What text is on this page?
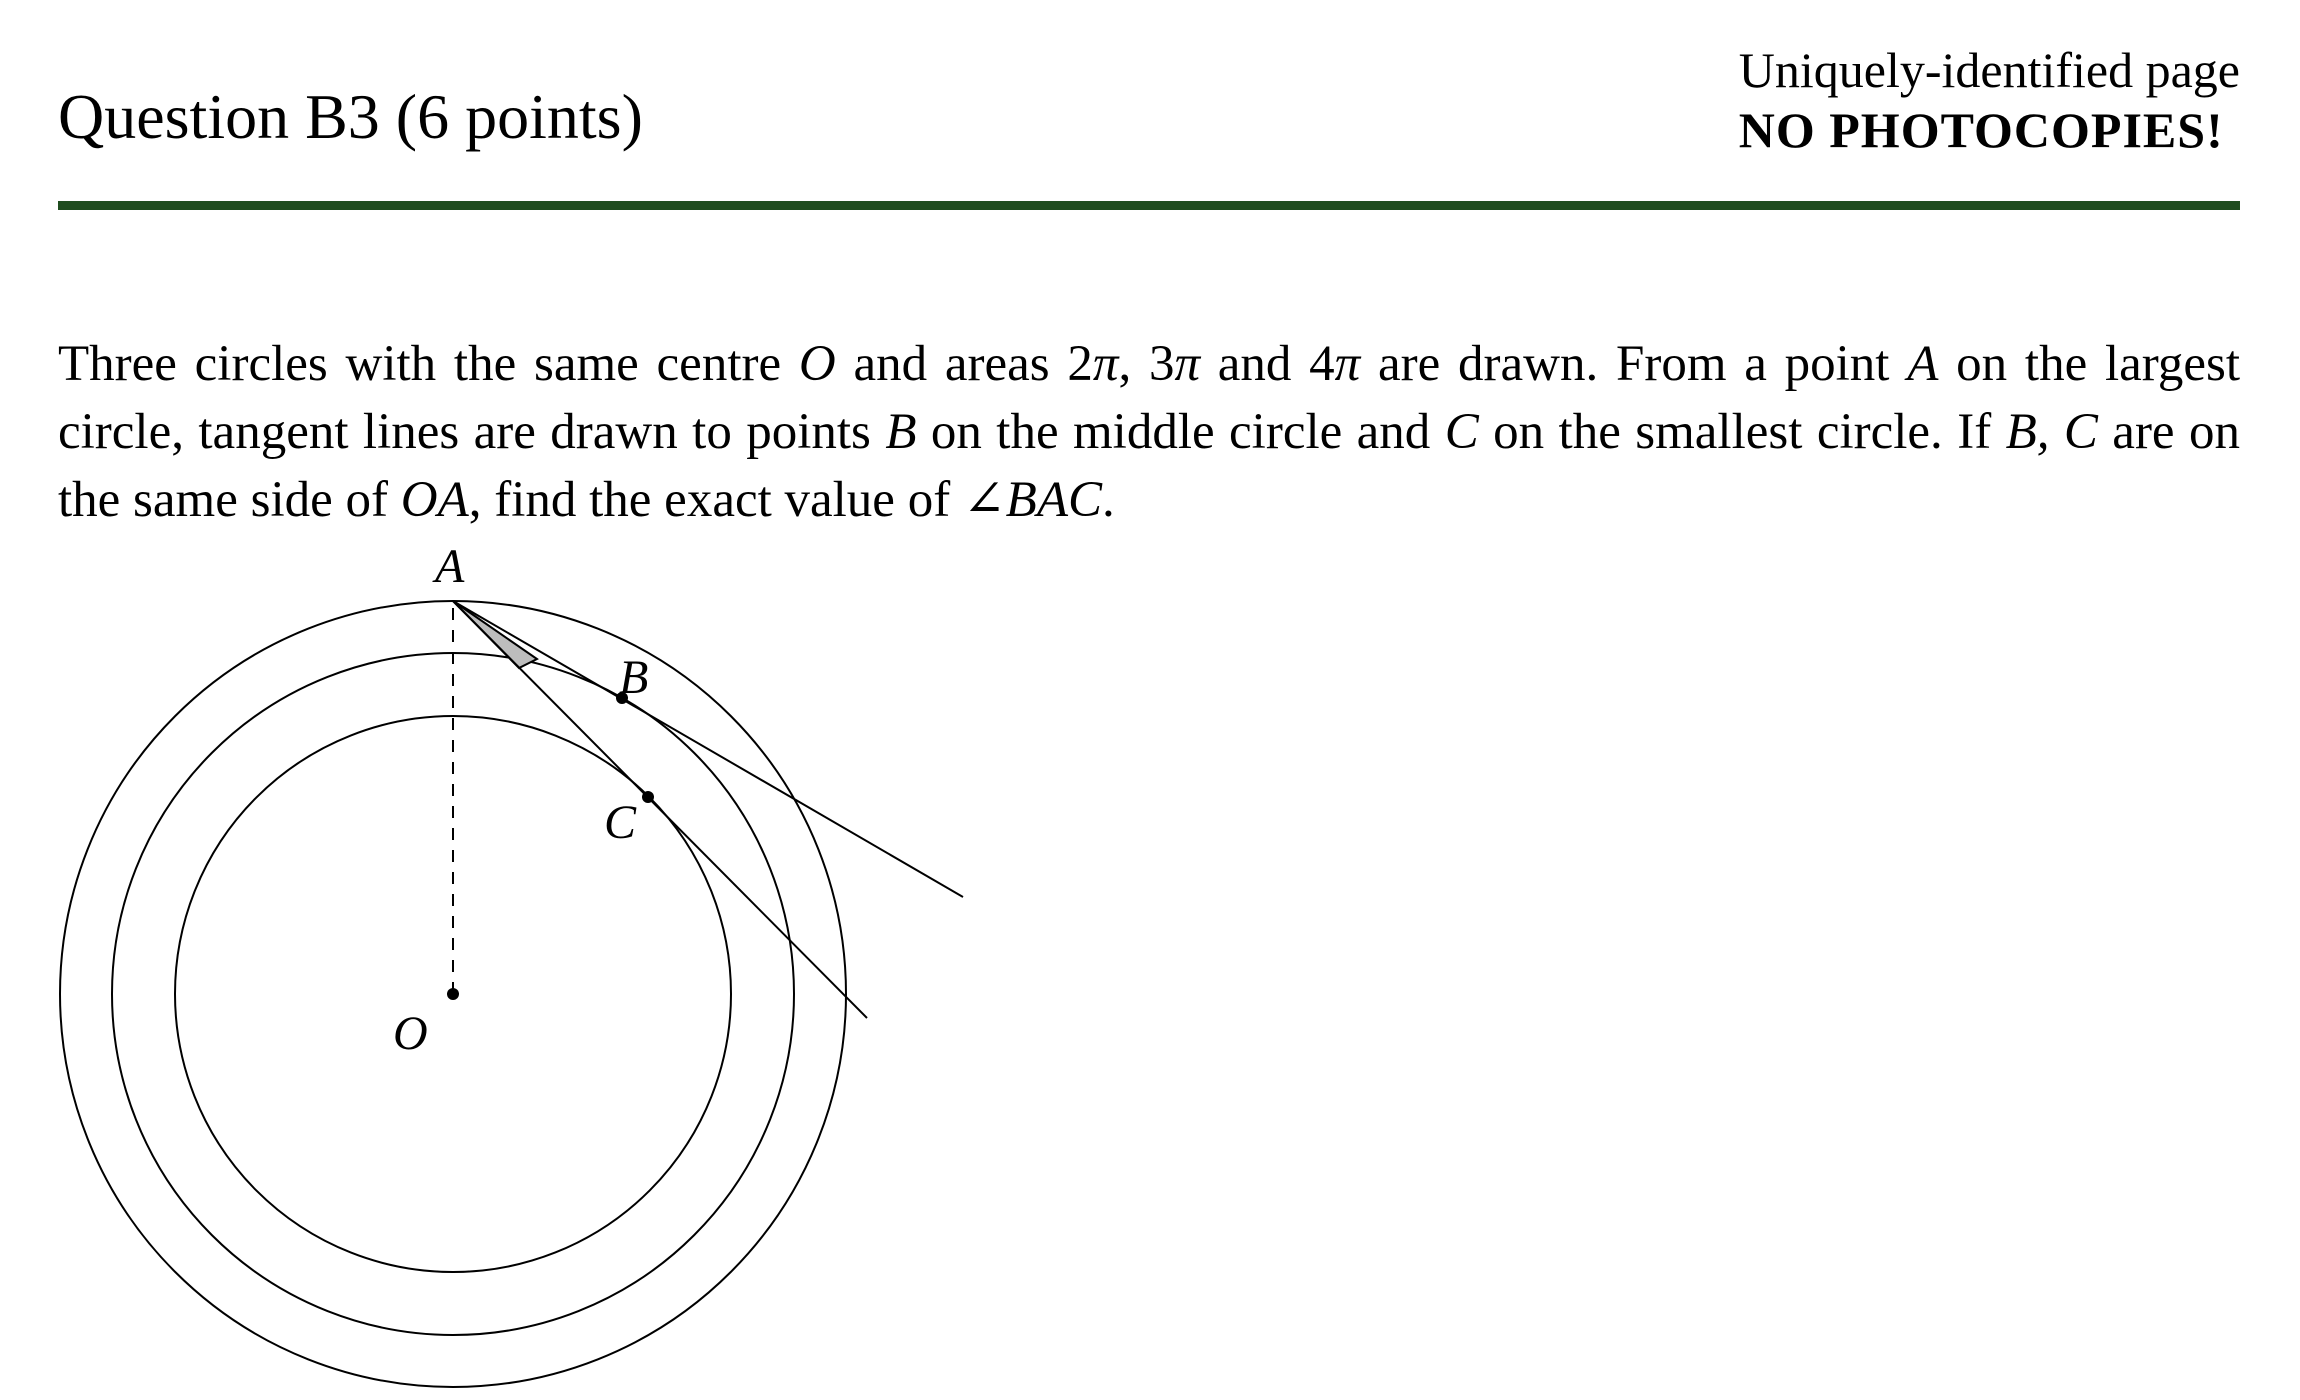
Question B3 (6 points)
Uniquely-identified page
NO PHOTOCOPIES!
Three circles with the same centre O and areas 2π, 3π and 4π are drawn. From a point A on the largest circle, tangent lines are drawn to points B on the middle circle and C on the smallest circle. If B, C are on the same side of OA, find the exact value of ∠BAC.
A
B
C
O
